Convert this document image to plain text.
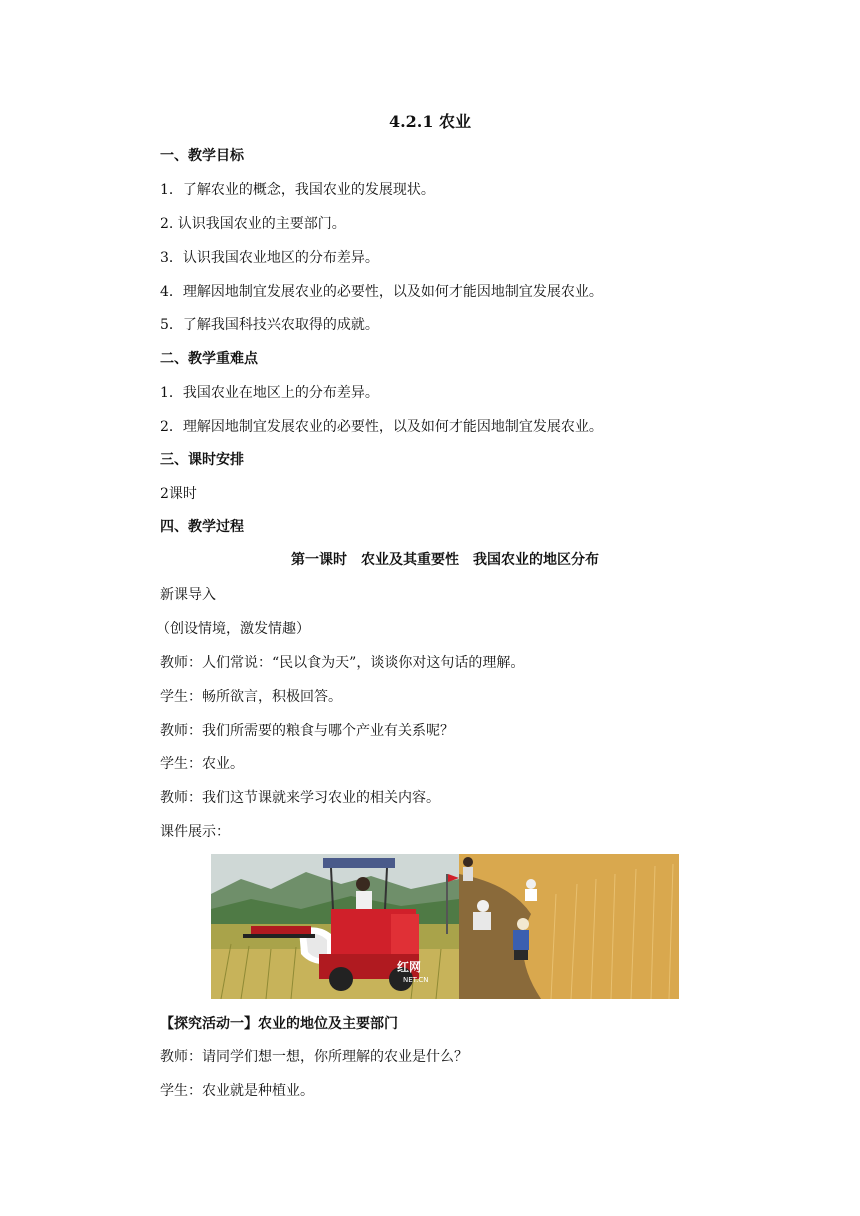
4.2.1 农业
一、教学目标
1．了解农业的概念，我国农业的发展现状。
2. 认识我国农业的主要部门。
3．认识我国农业地区的分布差异。
4．理解因地制宜发展农业的必要性，以及如何才能因地制宜发展农业。
5．了解我国科技兴农取得的成就。
二、教学重难点
1．我国农业在地区上的分布差异。
2．理解因地制宜发展农业的必要性，以及如何才能因地制宜发展农业。
三、课时安排
2课时
四、教学过程
第一课时　农业及其重要性　我国农业的地区分布
新课导入
（创设情境，激发情趣）
教师：人们常说：“民以食为天”，谈谈你对这句话的理解。
学生：畅所欲言，积极回答。
教师：我们所需要的粮食与哪个产业有关系呢？
学生：农业。
教师：我们这节课就来学习农业的相关内容。
课件展示：
红网
NET.CN
【探究活动一】农业的地位及主要部门
教师：请同学们想一想，你所理解的农业是什么？
学生：农业就是种植业。
